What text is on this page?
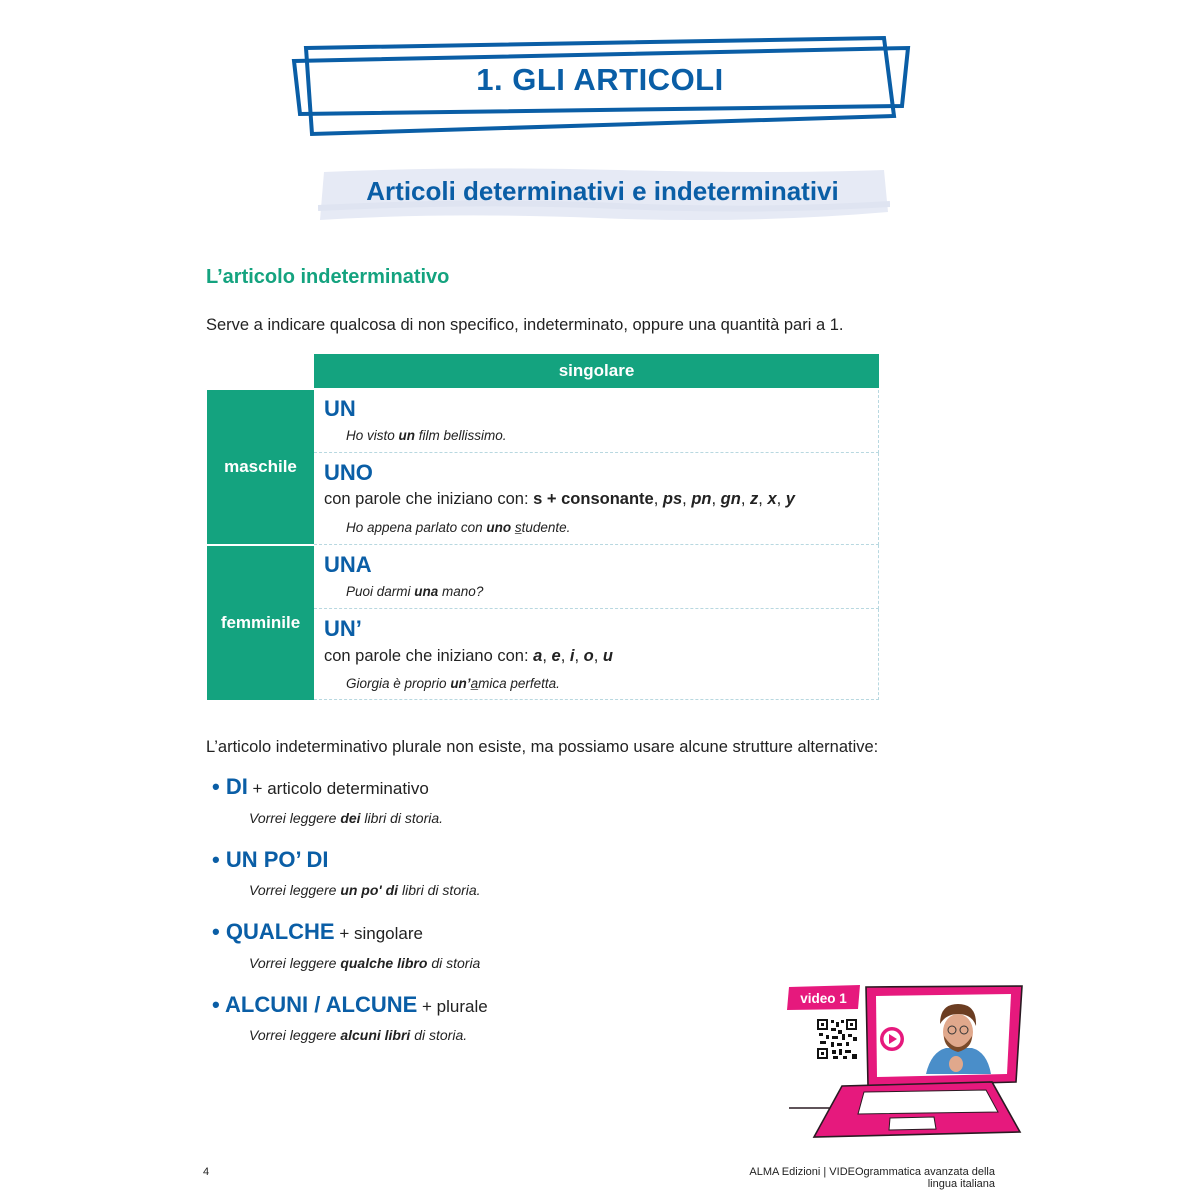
1. GLI ARTICOLI
Articoli determinativi e indeterminativi
L’articolo indeterminativo
Serve a indicare qualcosa di non specifico, indeterminato, oppure una quantità pari a 1.
singolare
maschile
femminile
UN
Ho visto un film bellissimo.
UNO
con parole che iniziano con: s + consonante, ps, pn, gn, z, x, y
Ho appena parlato con uno studente.
UNA
Puoi darmi una mano?
UN’
con parole che iniziano con: a, e, i, o, u
Giorgia è proprio un’amica perfetta.
L’articolo indeterminativo plurale non esiste, ma possiamo usare alcune strutture alternative:
• DI + articolo determinativo
Vorrei leggere dei libri di storia.
• UN PO’ DI
Vorrei leggere un po' di libri di storia.
• QUALCHE + singolare
Vorrei leggere qualche libro di storia
• ALCUNI / ALCUNE + plurale
Vorrei leggere alcuni libri di storia.
video 1
4	ALMA Edizioni | VIDEOgrammatica avanzata della lingua italiana
